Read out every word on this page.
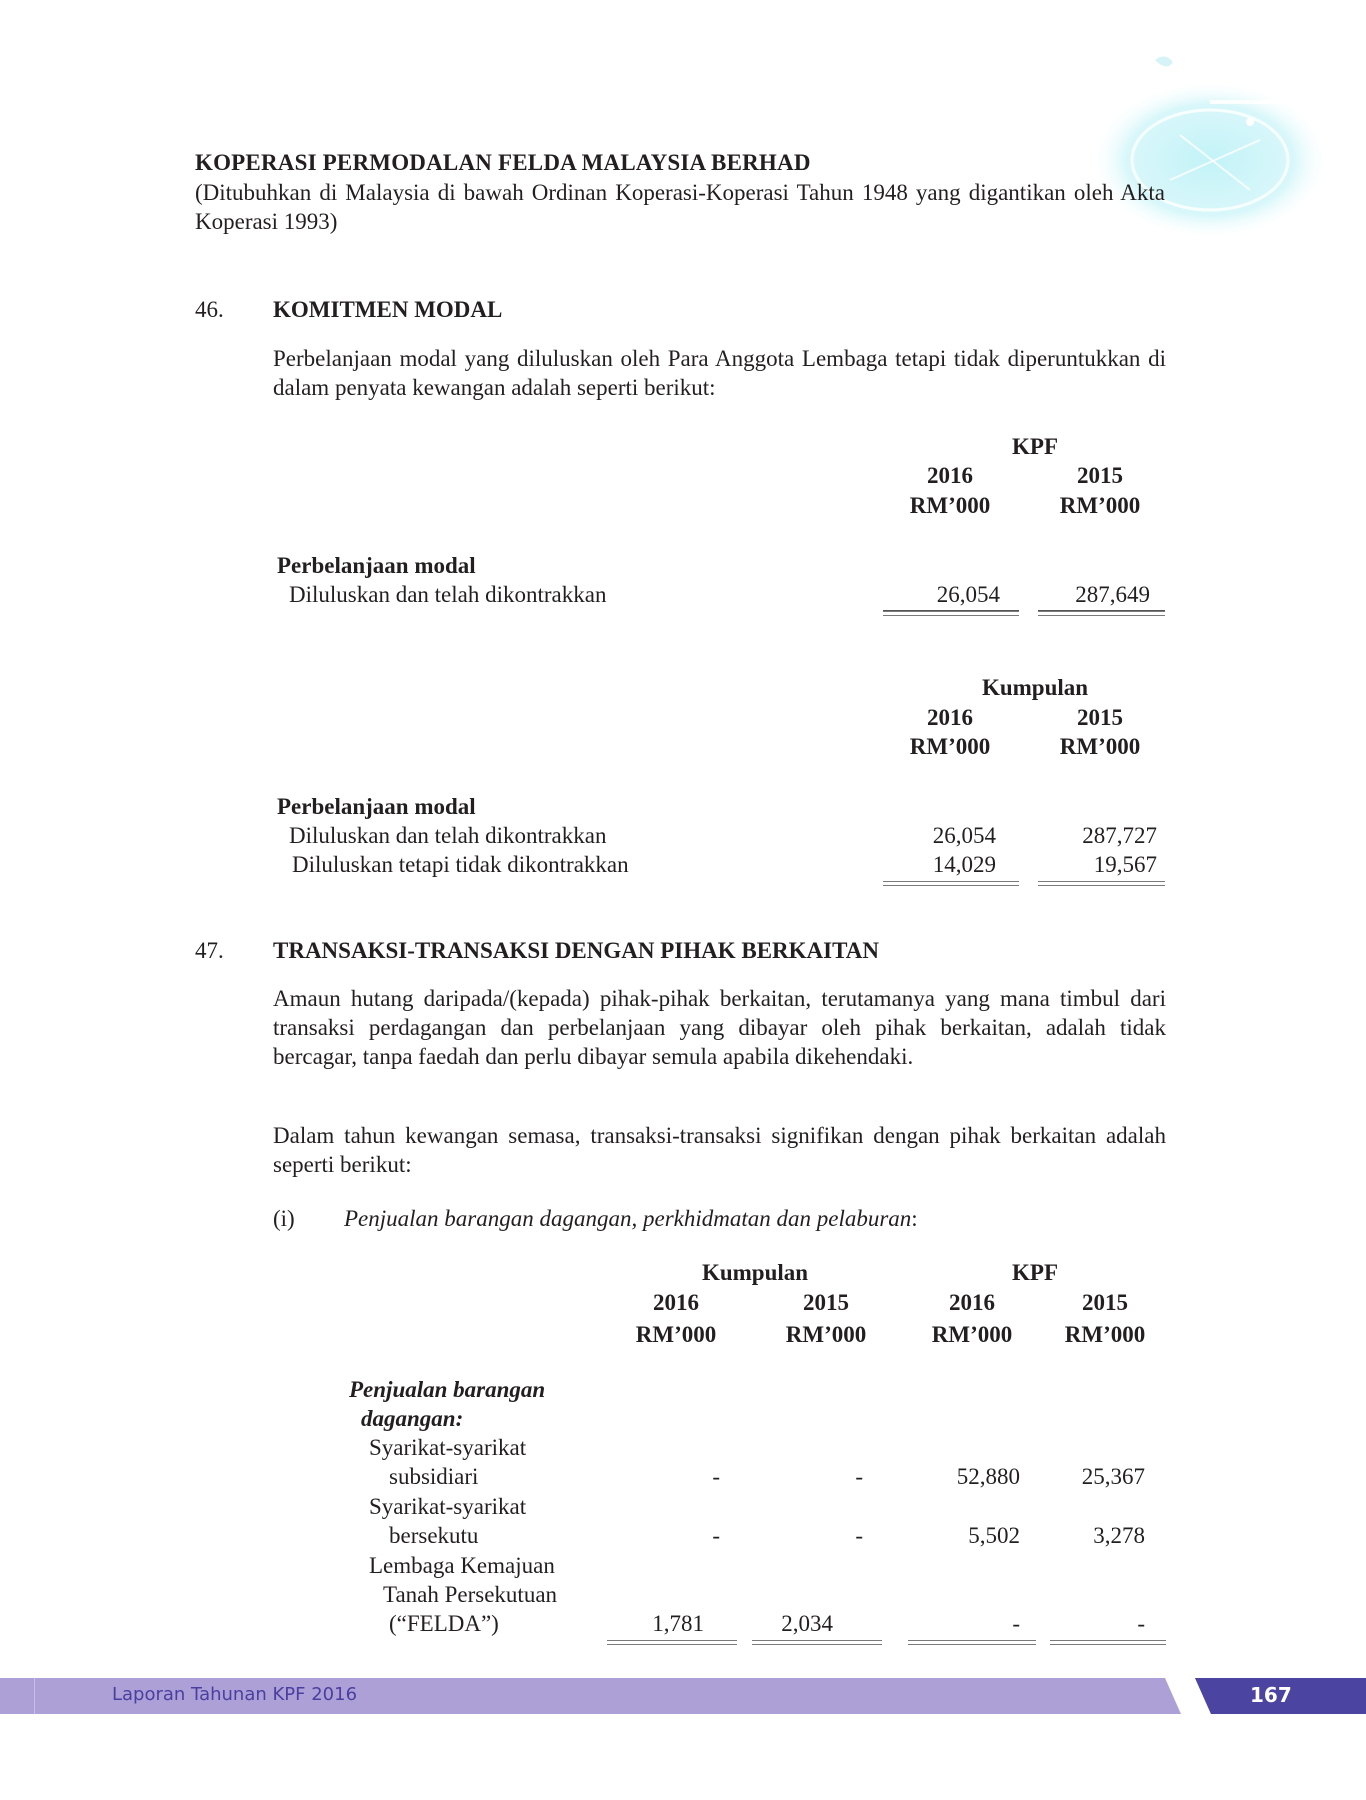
KOPERASI PERMODALAN FELDA MALAYSIA BERHAD
(Ditubuhkan di Malaysia di bawah Ordinan Koperasi-Koperasi Tahun 1948 yang digantikan oleh Akta Koperasi 1993)
46. KOMITMEN MODAL
Perbelanjaan modal yang diluluskan oleh Para Anggota Lembaga tetapi tidak diperuntukkan di dalam penyata kewangan adalah seperti berikut:
KPF
2016	2015
RM’000	RM’000
Perbelanjaan modal
Diluluskan dan telah dikontrakkan	26,054	287,649
Kumpulan
2016	2015
RM’000	RM’000
Perbelanjaan modal
Diluluskan dan telah dikontrakkan	26,054	287,727
Diluluskan tetapi tidak dikontrakkan	14,029	19,567
47. TRANSAKSI-TRANSAKSI DENGAN PIHAK BERKAITAN
Amaun hutang daripada/(kepada) pihak-pihak berkaitan, terutamanya yang mana timbul dari transaksi perdagangan dan perbelanjaan yang dibayar oleh pihak berkaitan, adalah tidak bercagar, tanpa faedah dan perlu dibayar semula apabila dikehendaki.
Dalam tahun kewangan semasa, transaksi-transaksi signifikan dengan pihak berkaitan adalah seperti berikut:
(i) Penjualan barangan dagangan, perkhidmatan dan pelaburan:
Kumpulan	KPF
2016	2015	2016	2015
RM’000	RM’000	RM’000	RM’000
Penjualan barangan
dagangan:
Syarikat-syarikat
subsidiari	-	-	52,880	25,367
Syarikat-syarikat
bersekutu	-	-	5,502	3,278
Lembaga Kemajuan
Tanah Persekutuan
(“FELDA”)	1,781	2,034	-	-
Laporan Tahunan KPF 2016	167
